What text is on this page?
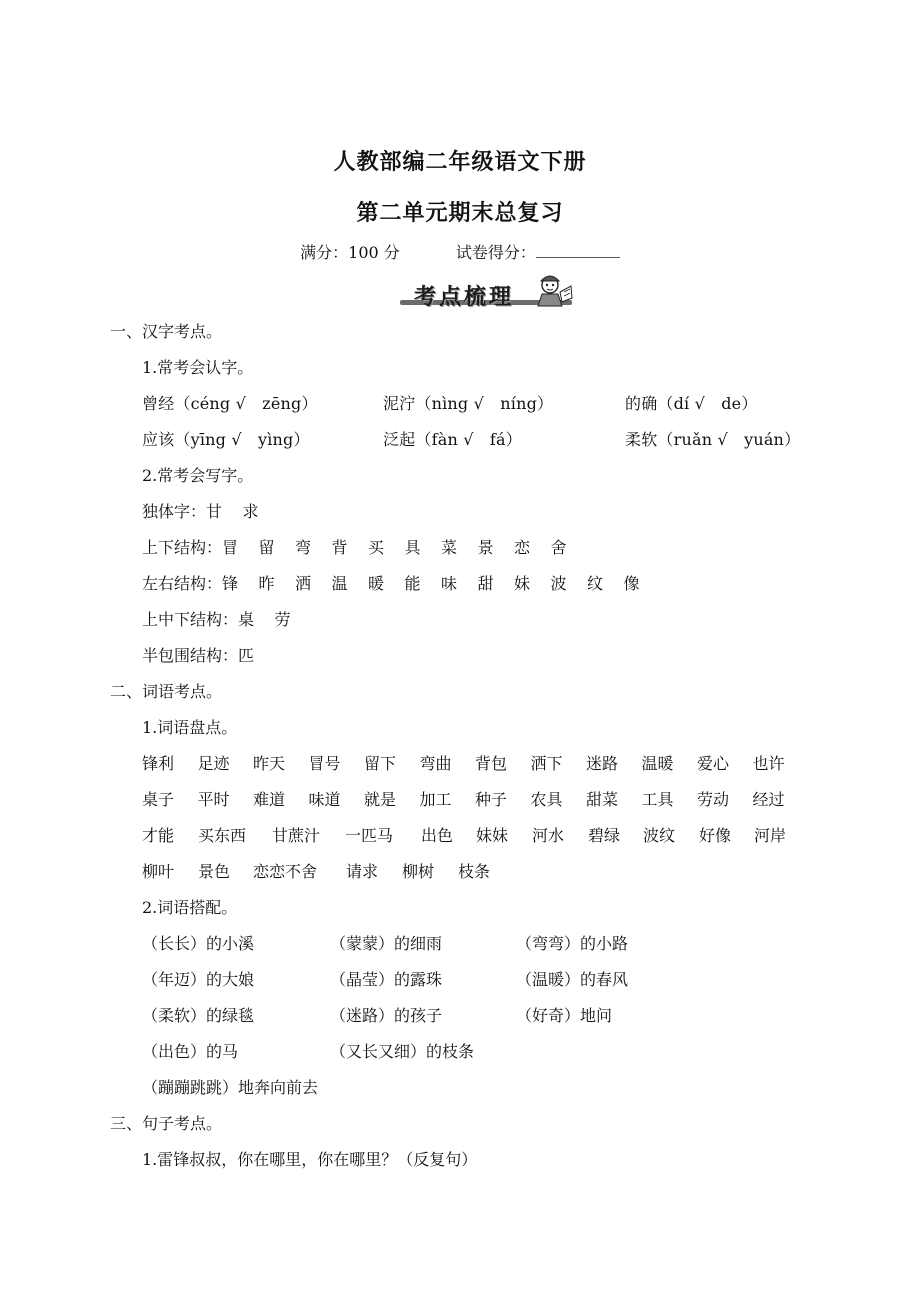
人教部编二年级语文下册
第二单元期末总复习
满分：100 分	试卷得分：
考点梳理
一、汉字考点。
1.常考会认字。
曾经（céng √　zēng）	泥泞（nìng √　níng）	的确（dí √　de）
应该（yīng √　yìng）	泛起（fàn √　fá）	柔软（ruǎn √　yuán）
2.常考会写字。
独体字：甘 求
上下结构：冒 留 弯 背 买 具 菜 景 恋 舍
左右结构：锋 昨 洒 温 暖 能 味 甜 妹 波 纹 像
上中下结构：桌 劳
半包围结构：匹
二、词语考点。
1.词语盘点。
锋利 足迹 昨天 冒号 留下 弯曲 背包 洒下 迷路 温暖 爱心 也许
桌子 平时 难道 味道 就是 加工 种子 农具 甜菜 工具 劳动 经过
才能 买东西 甘蔗汁 一匹马 出色 妹妹 河水 碧绿 波纹 好像 河岸
柳叶 景色 恋恋不舍 请求 柳树 枝条
2.词语搭配。
（长长）的小溪	（蒙蒙）的细雨	（弯弯）的小路
（年迈）的大娘	（晶莹）的露珠	（温暖）的春风
（柔软）的绿毯	（迷路）的孩子	（好奇）地问
（出色）的马	（又长又细）的枝条
（蹦蹦跳跳）地奔向前去
三、句子考点。
1.雷锋叔叔，你在哪里，你在哪里？（反复句）
